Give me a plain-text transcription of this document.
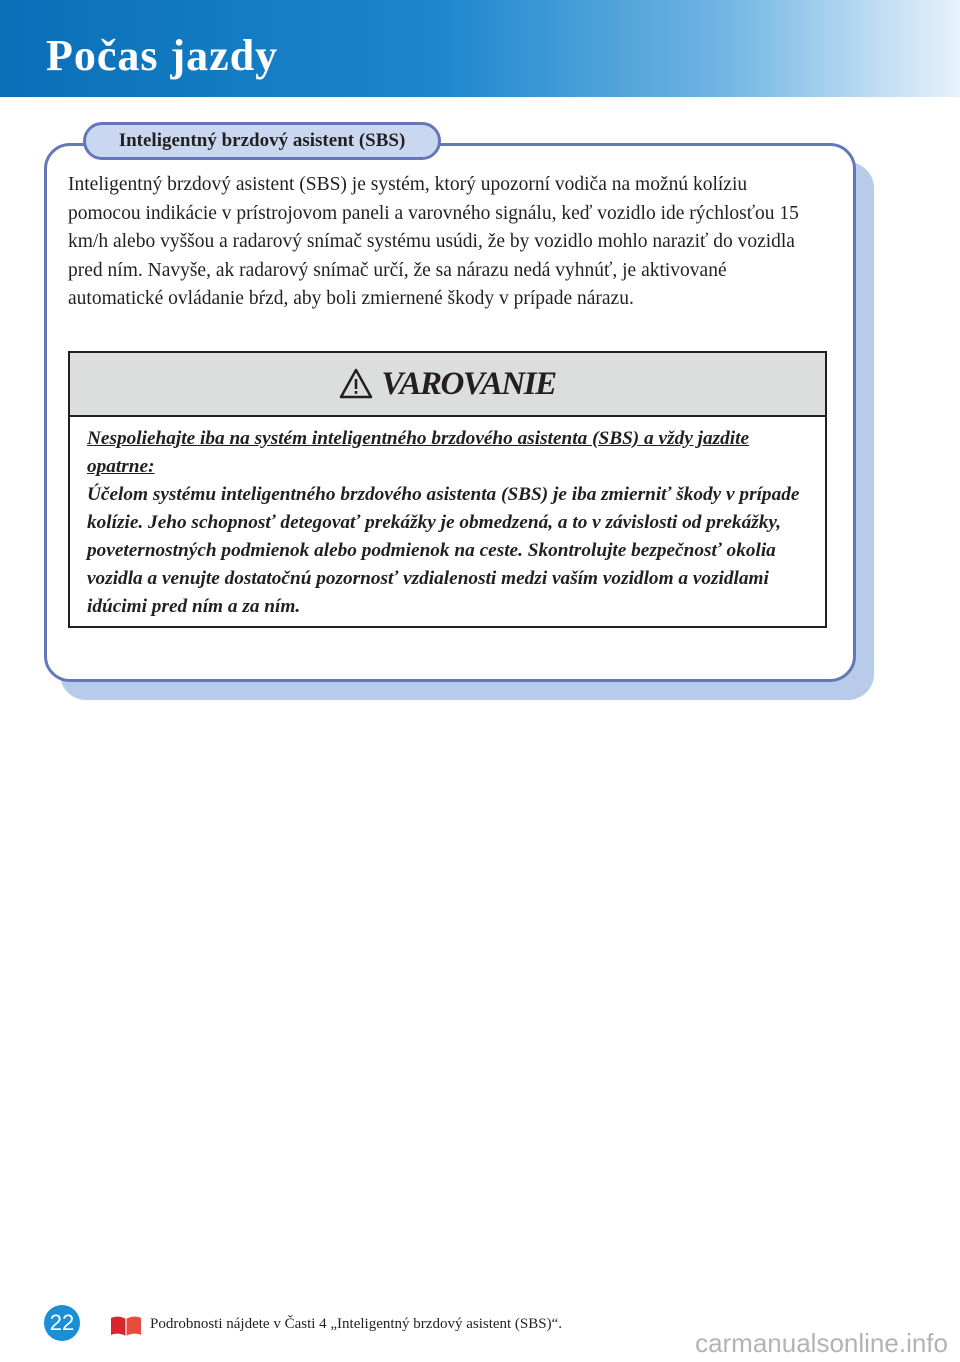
Počas jazdy
Inteligentný brzdový asistent (SBS)

Inteligentný brzdový asistent (SBS) je systém, ktorý upozorní vodiča na možnú kolíziu pomocou indikácie v prístrojovom paneli a varovného signálu, keď vozidlo ide rýchlosťou 15 km/h alebo vyššou a radarový snímač systému usúdi, že by vozidlo mohlo naraziť do vozidla pred ním. Navyše, ak radarový snímač určí, že sa nárazu nedá vyhnúť, je aktivované automatické ovládanie bŕzd, aby boli zmiernené škody v prípade nárazu.

VAROVANIE
Nespoliehajte iba na systém inteligentného brzdového asistenta (SBS) a vždy jazdite opatrne:
Účelom systému inteligentného brzdového asistenta (SBS) je iba zmierniť škody v prípade kolízie. Jeho schopnosť detegovať prekážky je obmedzená, a to v závislosti od prekážky, poveternostných podmienok alebo podmienok na ceste. Skontrolujte bezpečnosť okolia vozidla a venujte dostatočnú pozornosť vzdialenosti medzi vaším vozidlom a vozidlami idúcimi pred ním a za ním.
22	Podrobnosti nájdete v Časti 4 „Inteligentný brzdový asistent (SBS)“.
carmanualsonline.info
